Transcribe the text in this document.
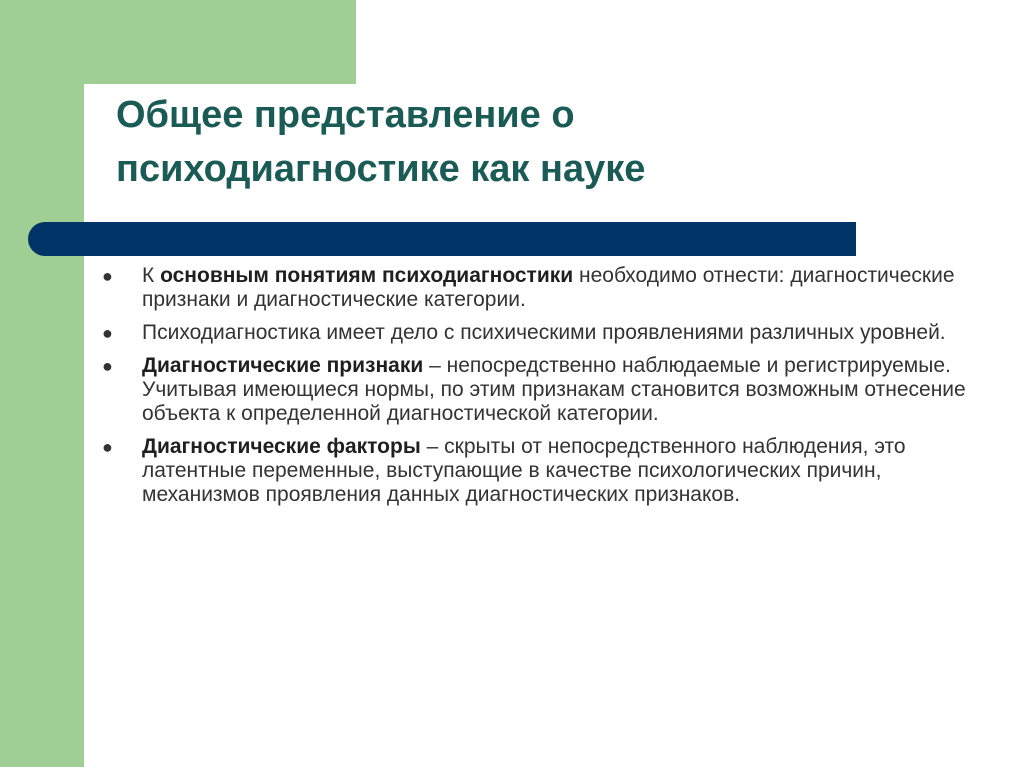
Общее представление о психодиагностике как науке
● К основным понятиям психодиагностики необходимо отнести: диагностические признаки и диагностические категории.
● Психодиагностика имеет дело с психическими проявлениями различных уровней.
● Диагностические признаки – непосредственно наблюдаемые и регистрируемые. Учитывая имеющиеся нормы, по этим признакам становится возможным отнесение объекта к определенной диагностической категории.
● Диагностические факторы – скрыты от непосредственного наблюдения, это латентные переменные, выступающие в качестве психологических причин, механизмов проявления данных диагностических признаков.
